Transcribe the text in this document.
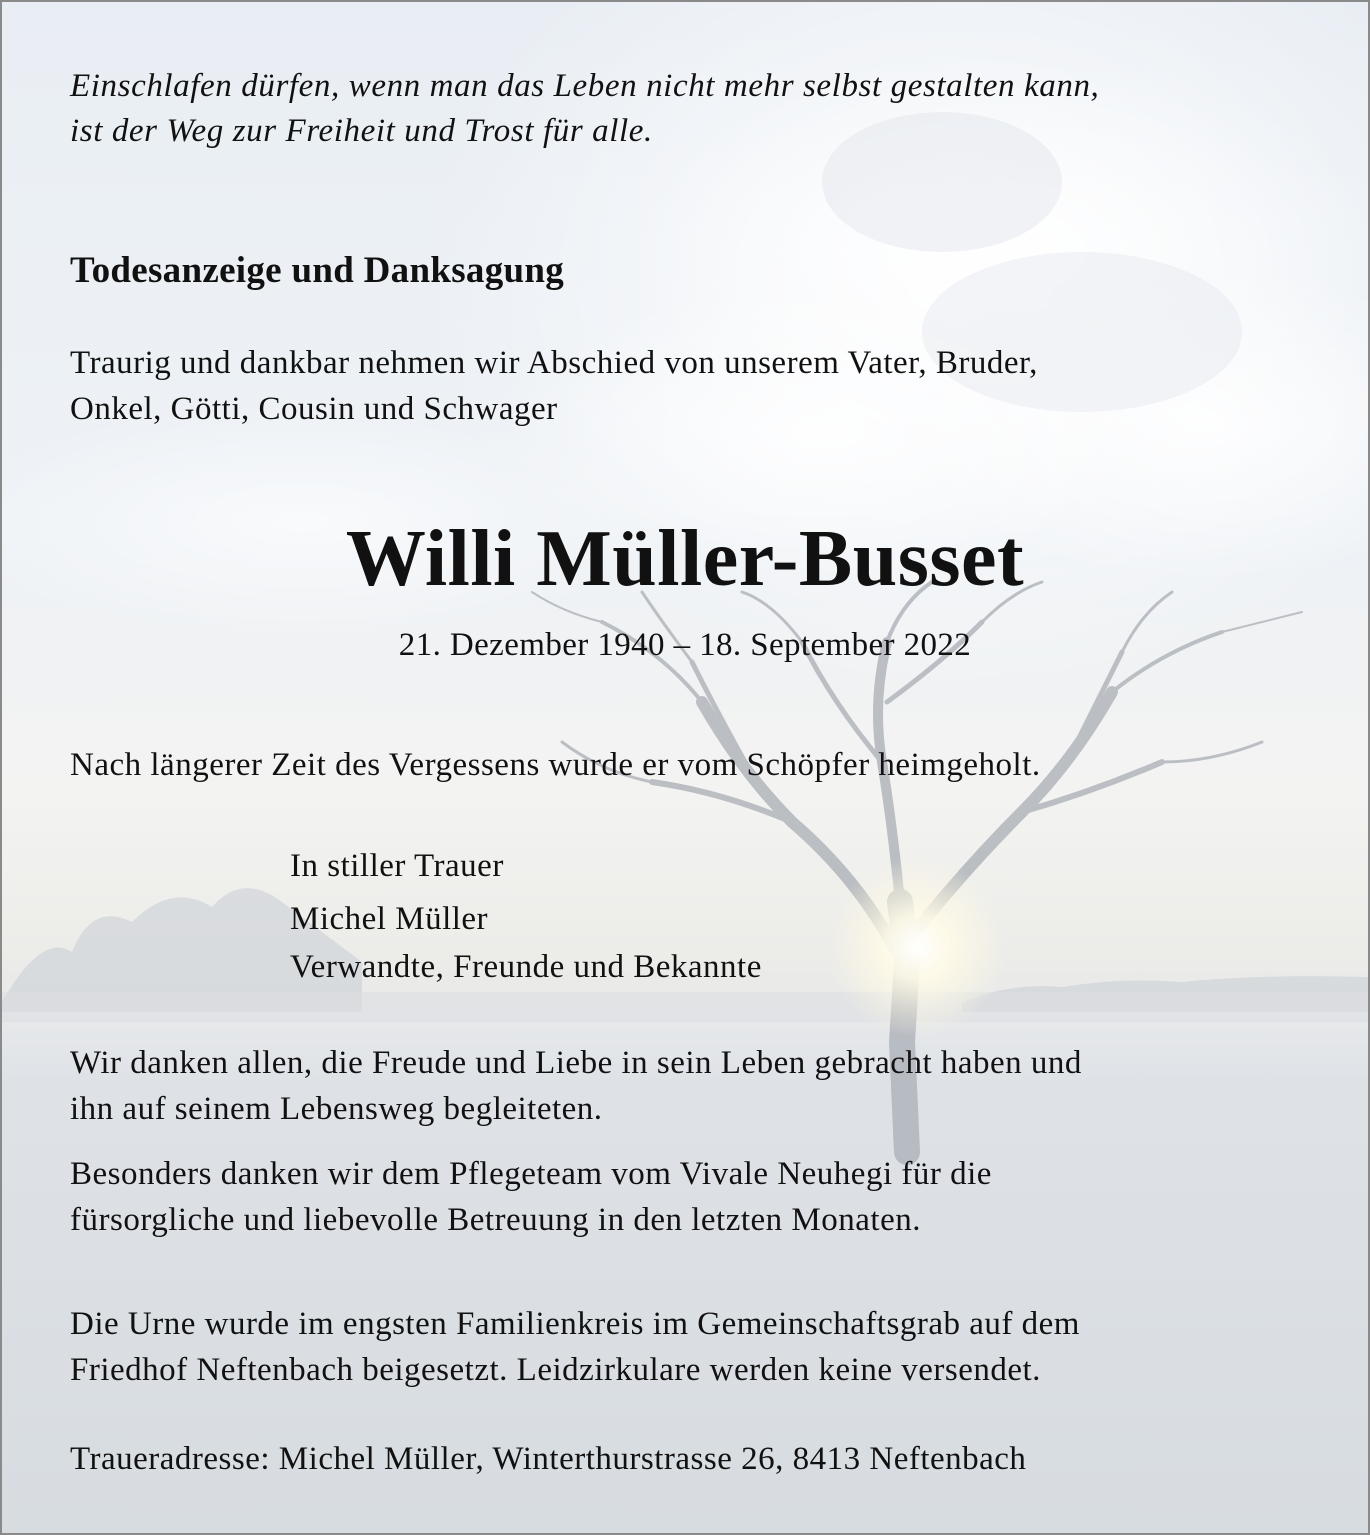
Einschlafen dürfen, wenn man das Leben nicht mehr selbst gestalten kann,
ist der Weg zur Freiheit und Trost für alle.

Todesanzeige und Danksagung

Traurig und dankbar nehmen wir Abschied von unserem Vater, Bruder,
Onkel, Götti, Cousin und Schwager

Willi Müller-Busset

21. Dezember 1940 – 18. September 2022

Nach längerer Zeit des Vergessens wurde er vom Schöpfer heimgeholt.

In stiller Trauer

Michel Müller

Verwandte, Freunde und Bekannte

Wir danken allen, die Freude und Liebe in sein Leben gebracht haben und
ihn auf seinem Lebensweg begleiteten.

Besonders danken wir dem Pflegeteam vom Vivale Neuhegi für die
fürsorgliche und liebevolle Betreuung in den letzten Monaten.

Die Urne wurde im engsten Familienkreis im Gemeinschaftsgrab auf dem
Friedhof Neftenbach beigesetzt. Leidzirkulare werden keine versendet.

Traueradresse: Michel Müller, Winterthurstrasse 26, 8413 Neftenbach
